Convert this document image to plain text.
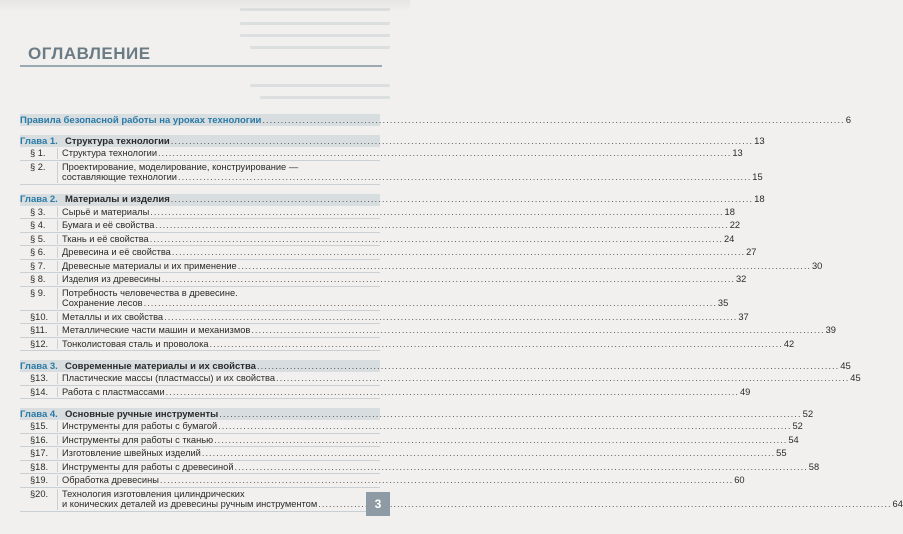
ОГЛАВЛЕНИЕ
Правила безопасной работы на уроках технологии .....	6
Глава 1. Структура технологии .....	13
§ 1.	Структура технологии .....	13
§ 2.	Проектирование, моделирование, конструирование —
составляющие технологии .....	15
Глава 2. Материалы и изделия .....	18
§ 3.	Сырьё и материалы .....	18
§ 4.	Бумага и её свойства .....	22
§ 5.	Ткань и её свойства .....	24
§ 6.	Древесина и её свойства .....	27
§ 7.	Древесные материалы и их применение .....	30
§ 8.	Изделия из древесины .....	32
§ 9.	Потребность человечества в древесине.
Сохранение лесов .....	35
§10.	Металлы и их свойства .....	37
§11.	Металлические части машин и механизмов .....	39
§12.	Тонколистовая сталь и проволока .....	42
Глава 3. Современные материалы и их свойства .....	45
§13.	Пластические массы (пластмассы) и их свойства .....	45
§14.	Работа с пластмассами .....	49
Глава 4. Основные ручные инструменты .....	52
§15.	Инструменты для работы с бумагой .....	52
§16.	Инструменты для работы с тканью .....	54
§17.	Изготовление швейных изделий .....	55
§18.	Инструменты для работы с древесиной .....	58
§19.	Обработка древесины .....	60
§20.	Технология изготовления цилиндрических
и конических деталей из древесины ручным инструментом .....	64
3
